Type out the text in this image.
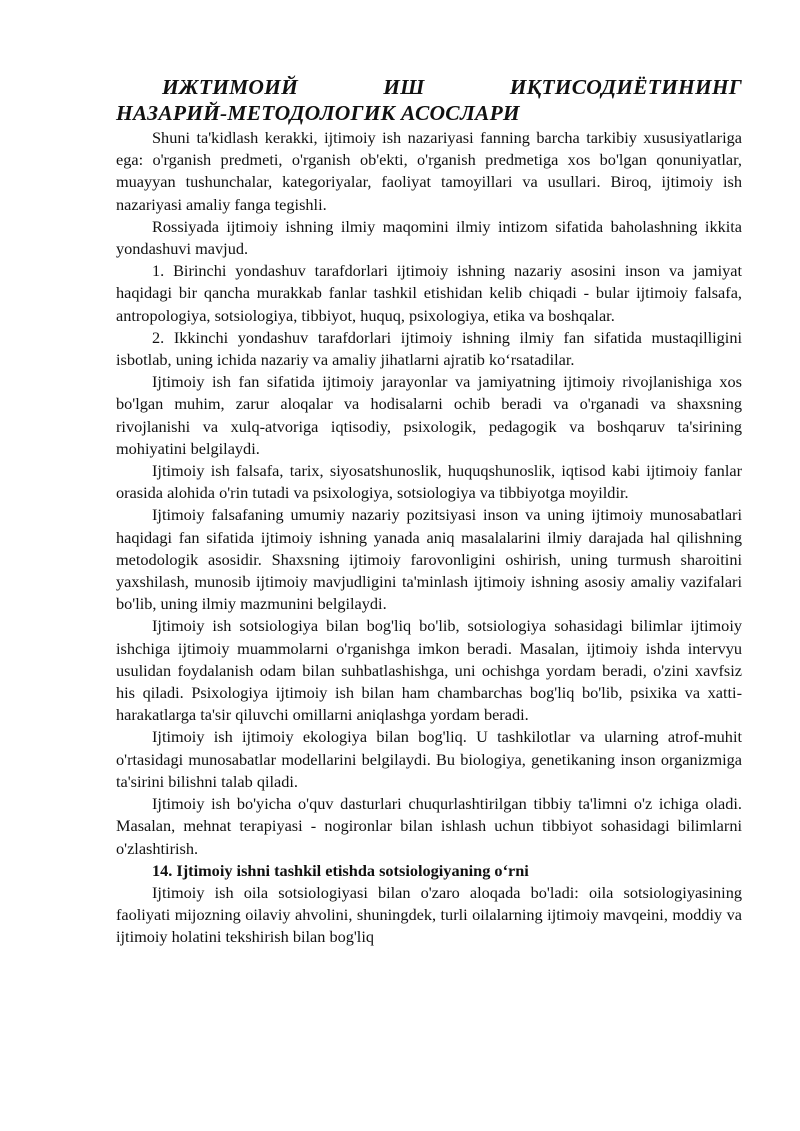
ИЖТИМОИЙ ИШ ИҚТИСОДИЁТИНИНГ
НАЗАРИЙ-МЕТОДОЛОГИК АСОСЛАРИ

Shuni ta'kidlash kerakki, ijtimoiy ish nazariyasi fanning barcha tarkibiy xususiyatlariga ega: o'rganish predmeti, o'rganish ob'ekti, o'rganish predmetiga xos bo'lgan qonuniyatlar, muayyan tushunchalar, kategoriyalar, faoliyat tamoyillari va usullari. Biroq, ijtimoiy ish nazariyasi amaliy fanga tegishli.

Rossiyada ijtimoiy ishning ilmiy maqomini ilmiy intizom sifatida baholashning ikkita yondashuvi mavjud.

1. Birinchi yondashuv tarafdorlari ijtimoiy ishning nazariy asosini inson va jamiyat haqidagi bir qancha murakkab fanlar tashkil etishidan kelib chiqadi - bular ijtimoiy falsafa, antropologiya, sotsiologiya, tibbiyot, huquq, psixologiya, etika va boshqalar.

2. Ikkinchi yondashuv tarafdorlari ijtimoiy ishning ilmiy fan sifatida mustaqilligini isbotlab, uning ichida nazariy va amaliy jihatlarni ajratib koʻrsatadilar.

Ijtimoiy ish fan sifatida ijtimoiy jarayonlar va jamiyatning ijtimoiy rivojlanishiga xos bo'lgan muhim, zarur aloqalar va hodisalarni ochib beradi va o'rganadi va shaxsning rivojlanishi va xulq-atvoriga iqtisodiy, psixologik, pedagogik va boshqaruv ta'sirining mohiyatini belgilaydi.

Ijtimoiy ish falsafa, tarix, siyosatshunoslik, huquqshunoslik, iqtisod kabi ijtimoiy fanlar orasida alohida o'rin tutadi va psixologiya, sotsiologiya va tibbiyotga moyildir.

Ijtimoiy falsafaning umumiy nazariy pozitsiyasi inson va uning ijtimoiy munosabatlari haqidagi fan sifatida ijtimoiy ishning yanada aniq masalalarini ilmiy darajada hal qilishning metodologik asosidir. Shaxsning ijtimoiy farovonligini oshirish, uning turmush sharoitini yaxshilash, munosib ijtimoiy mavjudligini ta'minlash ijtimoiy ishning asosiy amaliy vazifalari bo'lib, uning ilmiy mazmunini belgilaydi.

Ijtimoiy ish sotsiologiya bilan bog'liq bo'lib, sotsiologiya sohasidagi bilimlar ijtimoiy ishchiga ijtimoiy muammolarni o'rganishga imkon beradi. Masalan, ijtimoiy ishda intervyu usulidan foydalanish odam bilan suhbatlashishga, uni ochishga yordam beradi, o'zini xavfsiz his qiladi. Psixologiya ijtimoiy ish bilan ham chambarchas bog'liq bo'lib, psixika va xatti-harakatlarga ta'sir qiluvchi omillarni aniqlashga yordam beradi.

Ijtimoiy ish ijtimoiy ekologiya bilan bog'liq. U tashkilotlar va ularning atrof-muhit o'rtasidagi munosabatlar modellarini belgilaydi. Bu biologiya, genetikaning inson organizmiga ta'sirini bilishni talab qiladi.

Ijtimoiy ish bo'yicha o'quv dasturlari chuqurlashtirilgan tibbiy ta'limni o'z ichiga oladi. Masalan, mehnat terapiyasi - nogironlar bilan ishlash uchun tibbiyot sohasidagi bilimlarni o'zlashtirish.

14. Ijtimoiy ishni tashkil etishda sotsiologiyaning oʻrni

Ijtimoiy ish oila sotsiologiyasi bilan o'zaro aloqada bo'ladi: oila sotsiologiyasining faoliyati mijozning oilaviy ahvolini, shuningdek, turli oilalarning ijtimoiy mavqeini, moddiy va ijtimoiy holatini tekshirish bilan bog'liq
